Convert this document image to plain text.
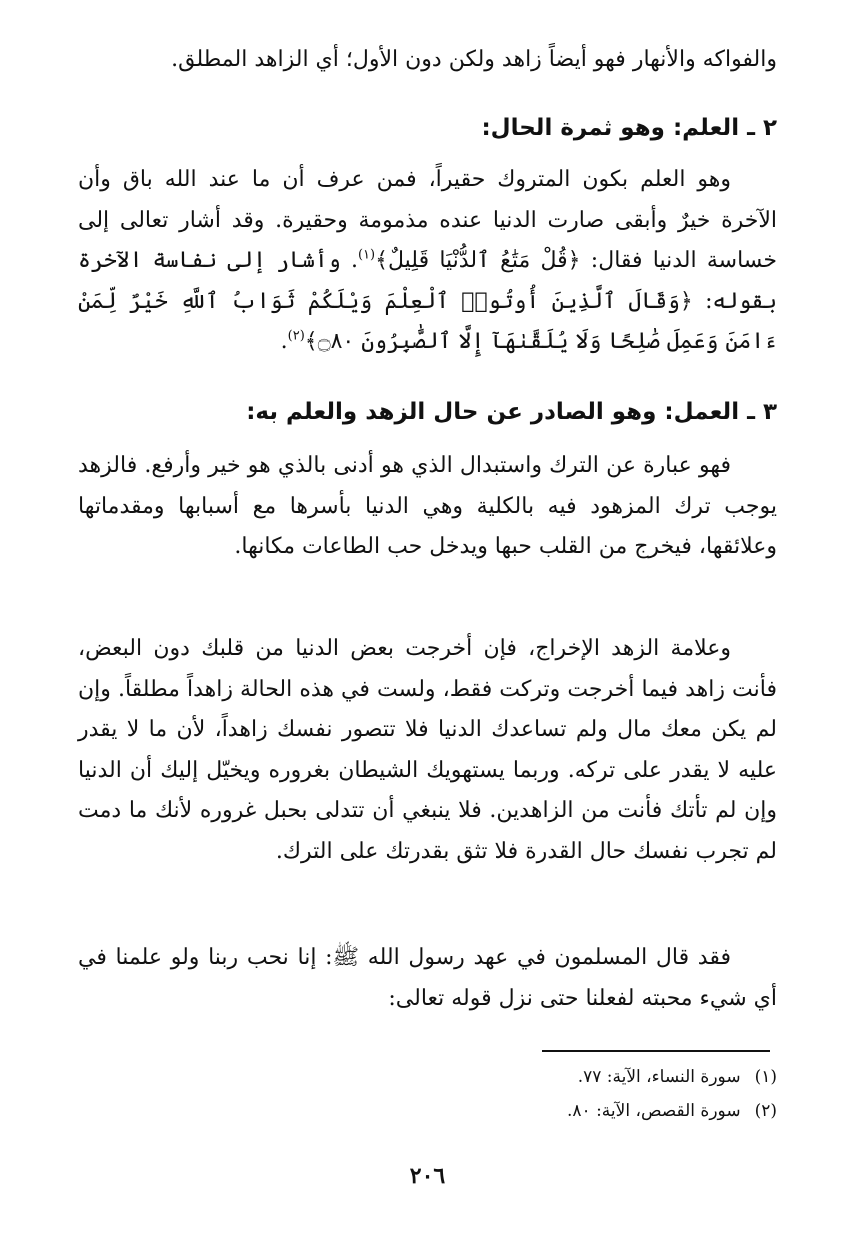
والفواكه والأنهار فهو أيضاً زاهد ولكن دون الأول؛ أي الزاهد المطلق.

٢ ـ العلم: وهو ثمرة الحال:

وهو العلم بكون المتروك حقيراً، فمن عرف أن ما عند الله باق وأن الآخرة خيرٌ وأبقى صارت الدنيا عنده مذمومة وحقيرة. وقد أشار تعالى إلى خساسة الدنيا فقال: ﴿قُلْ مَتَٰعُ ٱلدُّنْيَا قَلِيلٌ﴾$^{(١)}$. وأشار إلى نفاسة الآخرة بقوله: ﴿وَقَالَ ٱلَّذِينَ أُوتُوا۟ ٱلْعِلْمَ وَيْلَكُمْ ثَوَابُ ٱللَّهِ خَيْرٌ لِّمَنْ ءَامَنَ وَعَمِلَ صَٰلِحًا وَلَا يُلَقَّىٰهَآ إِلَّا ٱلصَّٰبِرُونَ ۝٨٠﴾$^{(٢)}$.

٣ ـ العمل: وهو الصادر عن حال الزهد والعلم به:

فهو عبارة عن الترك واستبدال الذي هو أدنى بالذي هو خير وأرفع. فالزهد يوجب ترك المزهود فيه بالكلية وهي الدنيا بأسرها مع أسبابها ومقدماتها وعلائقها، فيخرج من القلب حبها ويدخل حب الطاعات مكانها.

وعلامة الزهد الإخراج، فإن أخرجت بعض الدنيا من قلبك دون البعض، فأنت زاهد فيما أخرجت وتركت فقط، ولست في هذه الحالة زاهداً مطلقاً. وإن لم يكن معك مال ولم تساعدك الدنيا فلا تتصور نفسك زاهداً، لأن ما لا يقدر عليه لا يقدر على تركه. وربما يستهويك الشيطان بغروره ويخيّل إليك أن الدنيا وإن لم تأتك فأنت من الزاهدين. فلا ينبغي أن تتدلى بحبل غروره لأنك ما دمت لم تجرب نفسك حال القدرة فلا تثق بقدرتك على الترك.

فقد قال المسلمون في عهد رسول الله ﷺ: إنا نحب ربنا ولو علمنا في أي شيء محبته لفعلنا حتى نزل قوله تعالى:

(١)
سورة النساء، الآية: ٧٧.
(٢)
سورة القصص، الآية: ٨٠.
٢٠٦
